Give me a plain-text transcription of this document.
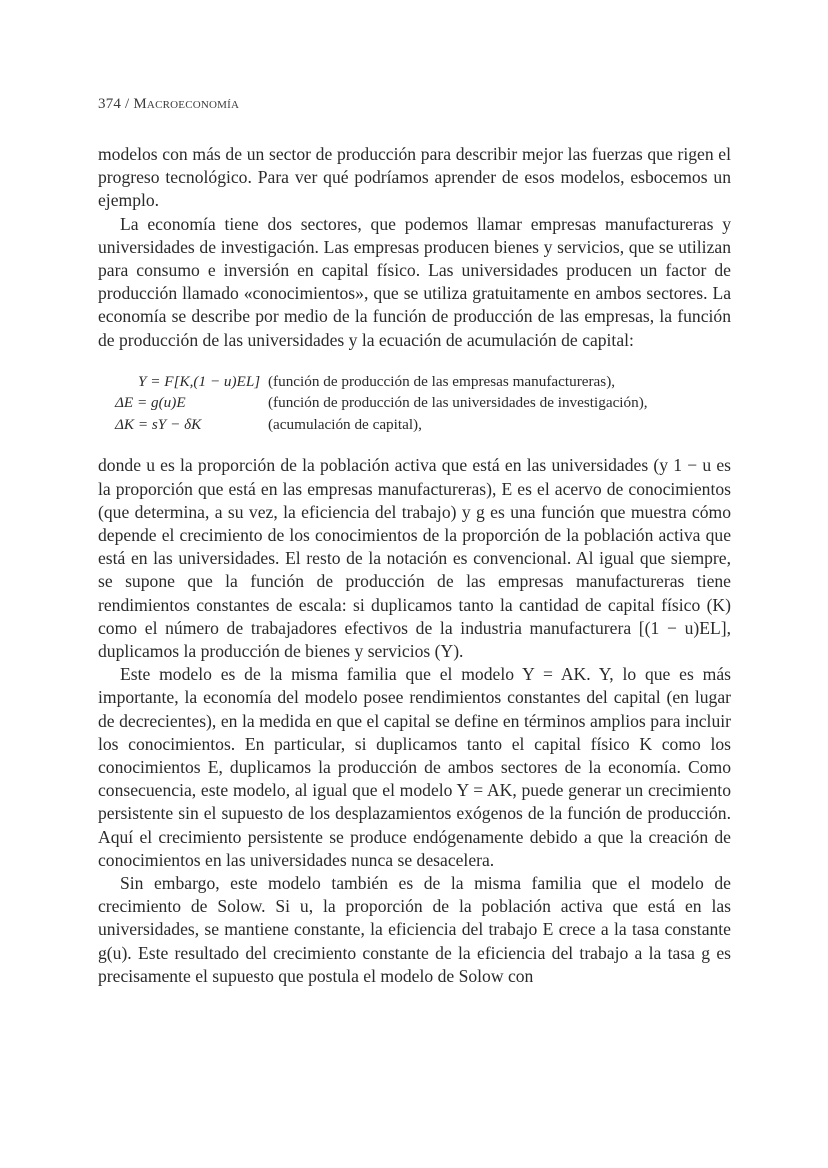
374 / Macroeconomía

modelos con más de un sector de producción para describir mejor las fuerzas que rigen el progreso tecnológico. Para ver qué podríamos aprender de esos modelos, esbocemos un ejemplo.

La economía tiene dos sectores, que podemos llamar empresas manufactureras y universidades de investigación. Las empresas producen bienes y servicios, que se utilizan para consumo e inversión en capital físico. Las universidades producen un factor de producción llamado «conocimientos», que se utiliza gratuitamente en ambos sectores. La economía se describe por medio de la función de producción de las empresas, la función de producción de las universidades y la ecuación de acumulación de capital:

Y = F[K,(1 − u)EL] (función de producción de las empresas manufactureras),
ΔE = g(u)E	(función de producción de las universidades de investigación),
ΔK = sY − δK	(acumulación de capital),

donde u es la proporción de la población activa que está en las universidades (y 1 − u es la proporción que está en las empresas manufactureras), E es el acervo de conocimientos (que determina, a su vez, la eficiencia del trabajo) y g es una función que muestra cómo depende el crecimiento de los conocimientos de la proporción de la población activa que está en las universidades. El resto de la notación es convencional. Al igual que siempre, se supone que la función de producción de las empresas manufactureras tiene rendimientos constantes de escala: si duplicamos tanto la cantidad de capital físico (K) como el número de trabajadores efectivos de la industria manufacturera [(1 − u)EL], duplicamos la producción de bienes y servicios (Y).

Este modelo es de la misma familia que el modelo Y = AK. Y, lo que es más importante, la economía del modelo posee rendimientos constantes del capital (en lugar de decrecientes), en la medida en que el capital se define en términos amplios para incluir los conocimientos. En particular, si duplicamos tanto el capital físico K como los conocimientos E, duplicamos la producción de ambos sectores de la economía. Como consecuencia, este modelo, al igual que el modelo Y = AK, puede generar un crecimiento persistente sin el supuesto de los desplazamientos exógenos de la función de producción. Aquí el crecimiento persistente se produce endógenamente debido a que la creación de conocimientos en las universidades nunca se desacelera.

Sin embargo, este modelo también es de la misma familia que el modelo de crecimiento de Solow. Si u, la proporción de la población activa que está en las universidades, se mantiene constante, la eficiencia del trabajo E crece a la tasa constante g(u). Este resultado del crecimiento constante de la eficiencia del trabajo a la tasa g es precisamente el supuesto que postula el modelo de Solow con
